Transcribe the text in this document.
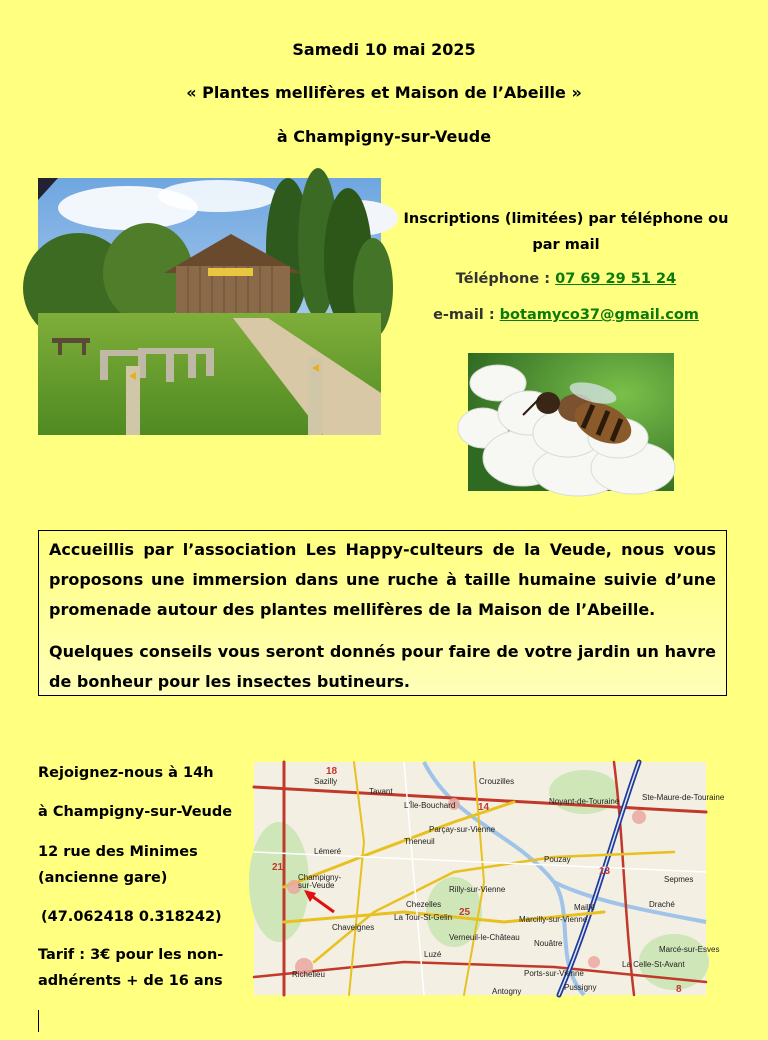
Samedi 10 mai 2025
« Plantes mellifères et Maison de l’Abeille »
à Champigny-sur-Veude
Inscriptions (limitées) par téléphone ou par mail
Téléphone : 07 69 29 51 24
e-mail : botamyco37@gmail.com

Accueillis par l’association Les Happy-culteurs de la Veude, nous vous proposons une immersion dans une ruche à taille humaine suivie d’une promenade autour des plantes mellifères de la Maison de l’Abeille.

Quelques conseils vous seront donnés pour faire de votre jardin un havre de bonheur pour les insectes butineurs.

Rejoignez-nous à 14h
à Champigny-sur-Veude
12 rue des Minimes (ancienne gare)
(47.062418 0.318242)
Tarif : 3€ pour les non-adhérents + de 16 ans
Ste-Maure-de-Touraine
L'Île-Bouchard
Champigny-
sur-Veude
Richelieu
Noyant-de-Touraine
Marcilly-sur-Vienne
Nouâtre
Luzé
Chaveignes
Crouzilles
Pouzay
Maillé	Draché
Marcé-sur-Esves
Sazilly
Tavant
Parçay-sur-Vienne
Rilly-sur-Vienne
Theneuil
Ports-sur-Vienne
Antogny	Pussigny
Verneuil-le-Château
La Tour-St-Gelin
Lémeré
Chezelles
La Celle-St-Avant
Sepmes
18
14
21
25
13
8
